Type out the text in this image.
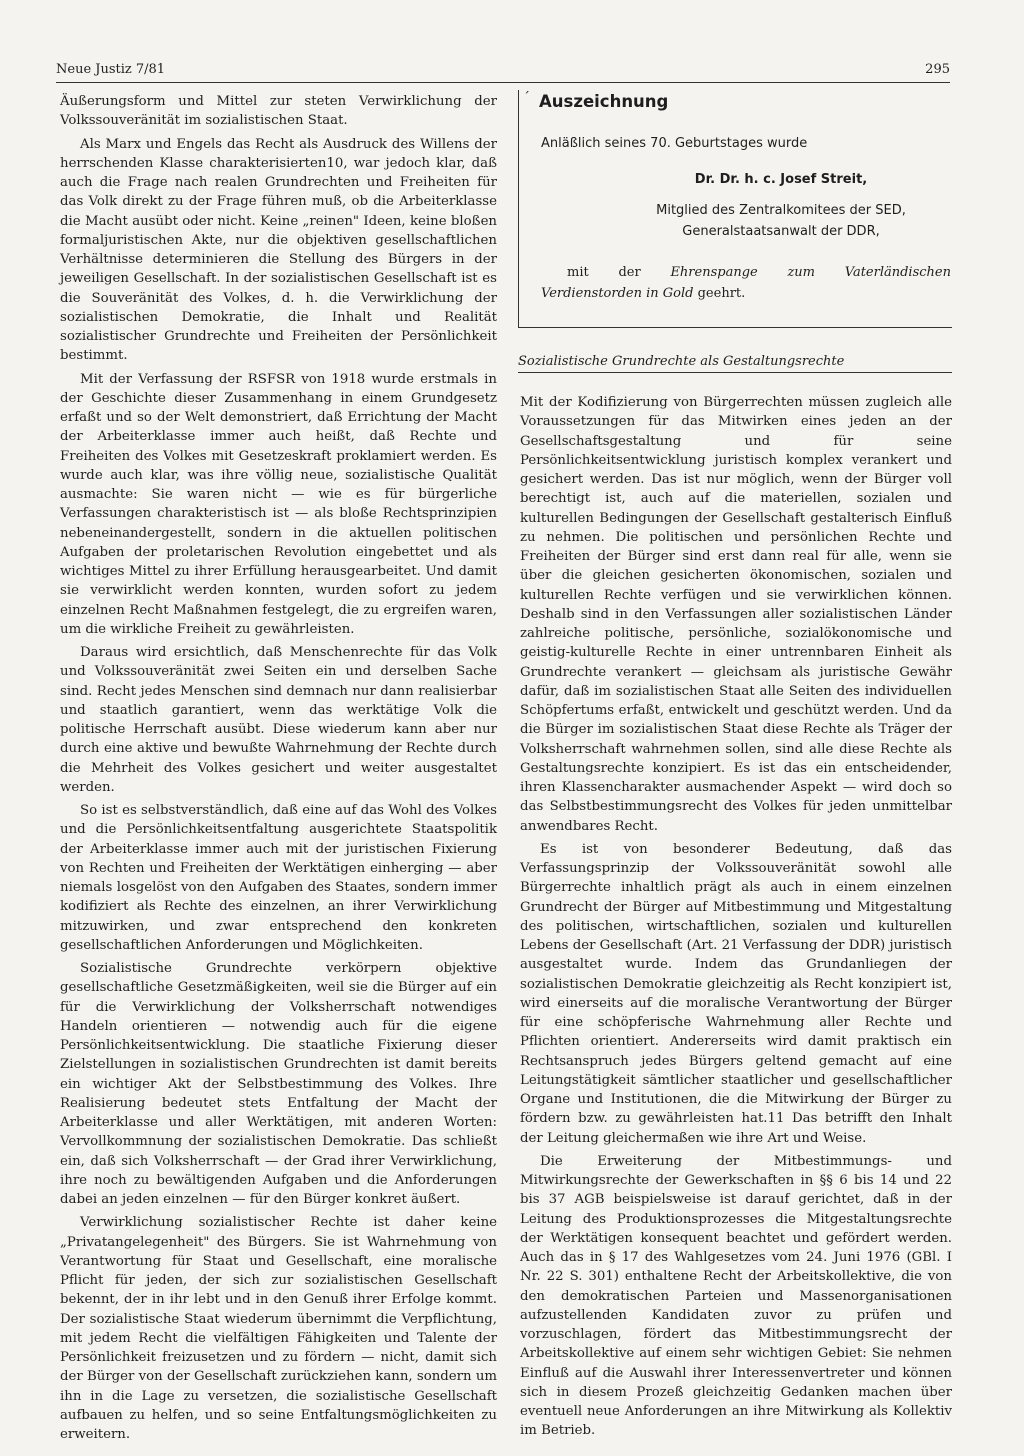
Neue Justiz 7/81	295

Äußerungsform und Mittel zur steten Verwirklichung der Volkssouveränität im sozialistischen Staat.

Als Marx und Engels das Recht als Ausdruck des Willens der herrschenden Klasse charakterisierten10, war jedoch klar, daß auch die Frage nach realen Grundrechten und Freiheiten für das Volk direkt zu der Frage führen muß, ob die Arbeiterklasse die Macht ausübt oder nicht. Keine „reinen" Ideen, keine bloßen formaljuristischen Akte, nur die objektiven gesellschaftlichen Verhältnisse determinieren die Stellung des Bürgers in der jeweiligen Gesellschaft. In der sozialistischen Gesellschaft ist es die Souveränität des Volkes, d. h. die Verwirklichung der sozialistischen Demokratie, die Inhalt und Realität sozialistischer Grundrechte und Freiheiten der Persönlichkeit bestimmt.

Mit der Verfassung der RSFSR von 1918 wurde erstmals in der Geschichte dieser Zusammenhang in einem Grundgesetz erfaßt und so der Welt demonstriert, daß Errichtung der Macht der Arbeiterklasse immer auch heißt, daß Rechte und Freiheiten des Volkes mit Gesetzeskraft proklamiert werden. Es wurde auch klar, was ihre völlig neue, sozialistische Qualität ausmachte: Sie waren nicht — wie es für bürgerliche Verfassungen charakteristisch ist — als bloße Rechtsprinzipien nebeneinandergestellt, sondern in die aktuellen politischen Aufgaben der proletarischen Revolution eingebettet und als wichtiges Mittel zu ihrer Erfüllung herausgearbeitet. Und damit sie verwirklicht werden konnten, wurden sofort zu jedem einzelnen Recht Maßnahmen festgelegt, die zu ergreifen waren, um die wirkliche Freiheit zu gewährleisten.

Daraus wird ersichtlich, daß Menschenrechte für das Volk und Volkssouveränität zwei Seiten ein und derselben Sache sind. Recht jedes Menschen sind demnach nur dann realisierbar und staatlich garantiert, wenn das werktätige Volk die politische Herrschaft ausübt. Diese wiederum kann aber nur durch eine aktive und bewußte Wahrnehmung der Rechte durch die Mehrheit des Volkes gesichert und weiter ausgestaltet werden.

So ist es selbstverständlich, daß eine auf das Wohl des Volkes und die Persönlichkeitsentfaltung ausgerichtete Staatspolitik der Arbeiterklasse immer auch mit der juristischen Fixierung von Rechten und Freiheiten der Werktätigen einherging — aber niemals losgelöst von den Aufgaben des Staates, sondern immer kodifiziert als Rechte des einzelnen, an ihrer Verwirklichung mitzuwirken, und zwar entsprechend den konkreten gesellschaftlichen Anforderungen und Möglichkeiten.

Sozialistische Grundrechte verkörpern objektive gesellschaftliche Gesetzmäßigkeiten, weil sie die Bürger auf ein für die Verwirklichung der Volksherrschaft notwendiges Handeln orientieren — notwendig auch für die eigene Persönlichkeitsentwicklung. Die staatliche Fixierung dieser Zielstellungen in sozialistischen Grundrechten ist damit bereits ein wichtiger Akt der Selbstbestimmung des Volkes. Ihre Realisierung bedeutet stets Entfaltung der Macht der Arbeiterklasse und aller Werktätigen, mit anderen Worten: Vervollkommnung der sozialistischen Demokratie. Das schließt ein, daß sich Volksherrschaft — der Grad ihrer Verwirklichung, ihre noch zu bewältigenden Aufgaben und die Anforderungen dabei an jeden einzelnen — für den Bürger konkret äußert.

Verwirklichung sozialistischer Rechte ist daher keine „Privatangelegenheit" des Bürgers. Sie ist Wahrnehmung von Verantwortung für Staat und Gesellschaft, eine moralische Pflicht für jeden, der sich zur sozialistischen Gesellschaft bekennt, der in ihr lebt und in den Genuß ihrer Erfolge kommt. Der sozialistische Staat wiederum übernimmt die Verpflichtung, mit jedem Recht die vielfältigen Fähigkeiten und Talente der Persönlichkeit freizusetzen und zu fördern — nicht, damit sich der Bürger von der Gesellschaft zurückziehen kann, sondern um ihn in die Lage zu versetzen, die sozialistische Gesellschaft aufbauen zu helfen, und so seine Entfaltungsmöglichkeiten zu erweitern.

´ Auszeichnung
Anläßlich seines 70. Geburtstages wurde
Dr. Dr. h. c. Josef Streit,
Mitglied des Zentralkomitees der SED,
Generalstaatsanwalt der DDR,
mit der Ehrenspange zum Vaterländischen Verdienstorden in Gold geehrt.
Sozialistische Grundrechte als Gestaltungsrechte

Mit der Kodifizierung von Bürgerrechten müssen zugleich alle Voraussetzungen für das Mitwirken eines jeden an der Gesellschaftsgestaltung und für seine Persönlichkeitsentwicklung juristisch komplex verankert und gesichert werden. Das ist nur möglich, wenn der Bürger voll berechtigt ist, auch auf die materiellen, sozialen und kulturellen Bedingungen der Gesellschaft gestalterisch Einfluß zu nehmen. Die politischen und persönlichen Rechte und Freiheiten der Bürger sind erst dann real für alle, wenn sie über die gleichen gesicherten ökonomischen, sozialen und kulturellen Rechte verfügen und sie verwirklichen können. Deshalb sind in den Verfassungen aller sozialistischen Länder zahlreiche politische, persönliche, sozialökonomische und geistig-kulturelle Rechte in einer untrennbaren Einheit als Grundrechte verankert — gleichsam als juristische Gewähr dafür, daß im sozialistischen Staat alle Seiten des individuellen Schöpfertums erfaßt, entwickelt und geschützt werden. Und da die Bürger im sozialistischen Staat diese Rechte als Träger der Volksherrschaft wahrnehmen sollen, sind alle diese Rechte als Gestaltungsrechte konzipiert. Es ist das ein entscheidender, ihren Klassencharakter ausmachender Aspekt — wird doch so das Selbstbestimmungsrecht des Volkes für jeden unmittelbar anwendbares Recht.

Es ist von besonderer Bedeutung, daß das Verfassungsprinzip der Volkssouveränität sowohl alle Bürgerrechte inhaltlich prägt als auch in einem einzelnen Grundrecht der Bürger auf Mitbestimmung und Mitgestaltung des politischen, wirtschaftlichen, sozialen und kulturellen Lebens der Gesellschaft (Art. 21 Verfassung der DDR) juristisch ausgestaltet wurde. Indem das Grundanliegen der sozialistischen Demokratie gleichzeitig als Recht konzipiert ist, wird einerseits auf die moralische Verantwortung der Bürger für eine schöpferische Wahrnehmung aller Rechte und Pflichten orientiert. Andererseits wird damit praktisch ein Rechtsanspruch jedes Bürgers geltend gemacht auf eine Leitungstätigkeit sämtlicher staatlicher und gesellschaftlicher Organe und Institutionen, die die Mitwirkung der Bürger zu fördern bzw. zu gewährleisten hat.11 Das betrifft den Inhalt der Leitung gleichermaßen wie ihre Art und Weise.

Die Erweiterung der Mitbestimmungs- und Mitwirkungsrechte der Gewerkschaften in §§ 6 bis 14 und 22 bis 37 AGB beispielsweise ist darauf gerichtet, daß in der Leitung des Produktionsprozesses die Mitgestaltungsrechte der Werktätigen konsequent beachtet und gefördert werden. Auch das in § 17 des Wahlgesetzes vom 24. Juni 1976 (GBl. I Nr. 22 S. 301) enthaltene Recht der Arbeitskollektive, die von den demokratischen Parteien und Massenorganisationen aufzustellenden Kandidaten zuvor zu prüfen und vorzuschlagen, fördert das Mitbestimmungsrecht der Arbeitskollektive auf einem sehr wichtigen Gebiet: Sie nehmen Einfluß auf die Auswahl ihrer Interessenvertreter und können sich in diesem Prozeß gleichzeitig Gedanken machen über eventuell neue Anforderungen an ihre Mitwirkung als Kollektiv im Betrieb.
